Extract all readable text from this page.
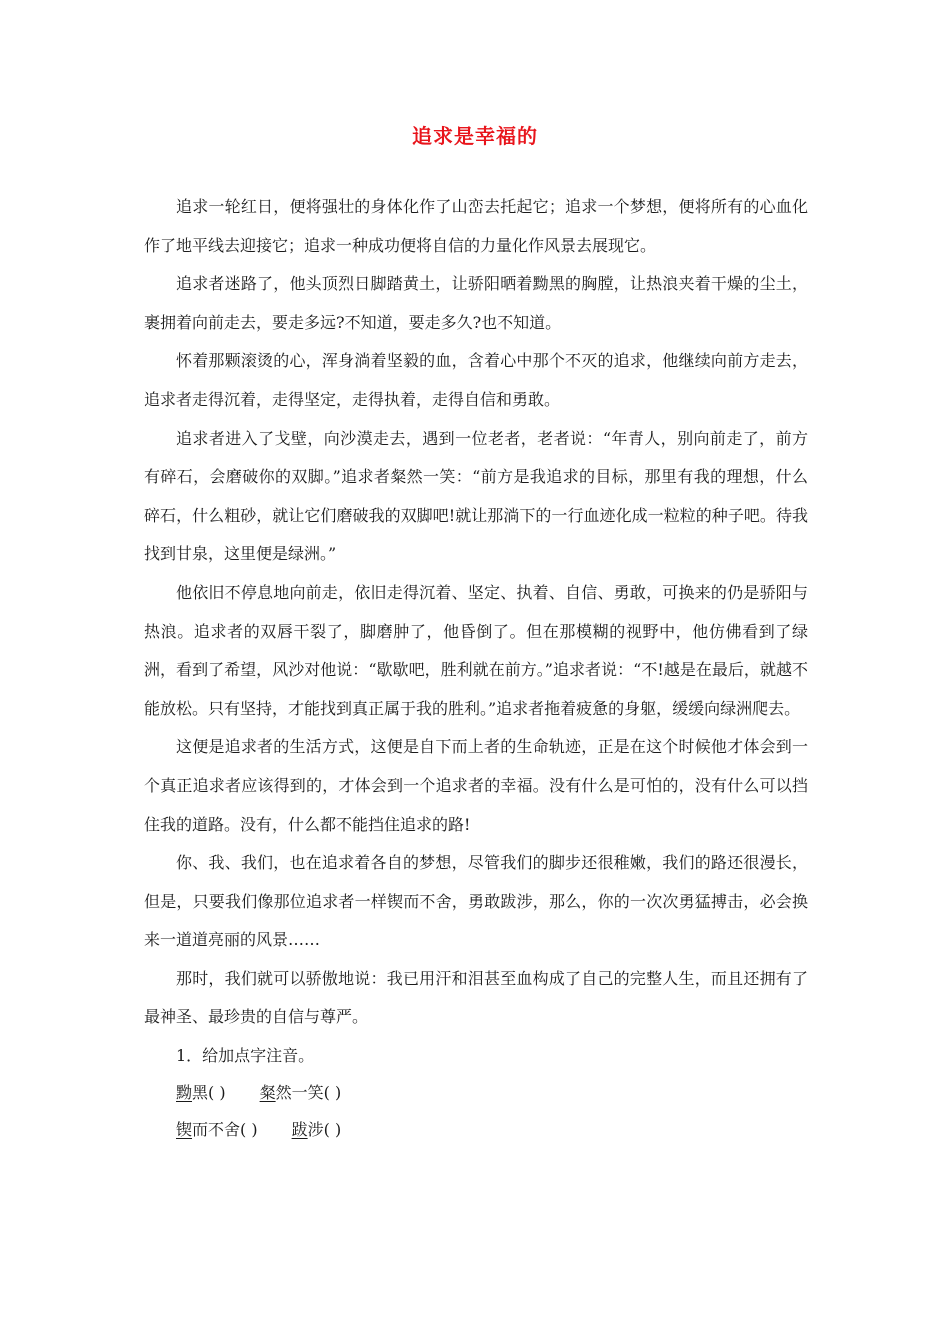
追求是幸福的

追求一轮红日，便将强壮的身体化作了山峦去托起它；追求一个梦想，便将所有的心血化作了地平线去迎接它；追求一种成功便将自信的力量化作风景去展现它。

追求者迷路了，他头顶烈日脚踏黄土，让骄阳晒着黝黑的胸膛，让热浪夹着干燥的尘土，裹拥着向前走去，要走多远?不知道，要走多久?也不知道。

怀着那颗滚烫的心，浑身淌着坚毅的血，含着心中那个不灭的追求，他继续向前方走去，追求者走得沉着，走得坚定，走得执着，走得自信和勇敢。

追求者进入了戈壁，向沙漠走去，遇到一位老者，老者说：“年青人，别向前走了，前方有碎石，会磨破你的双脚。”追求者粲然一笑：“前方是我追求的目标，那里有我的理想，什么碎石，什么粗砂，就让它们磨破我的双脚吧!就让那淌下的一行血迹化成一粒粒的种子吧。待我找到甘泉，这里便是绿洲。”

他依旧不停息地向前走，依旧走得沉着、坚定、执着、自信、勇敢，可换来的仍是骄阳与热浪。追求者的双唇干裂了，脚磨肿了，他昏倒了。但在那模糊的视野中，他仿佛看到了绿洲，看到了希望，风沙对他说：“歇歇吧，胜利就在前方。”追求者说：“不!越是在最后，就越不能放松。只有坚持，才能找到真正属于我的胜利。”追求者拖着疲惫的身躯，缓缓向绿洲爬去。

这便是追求者的生活方式，这便是自下而上者的生命轨迹，正是在这个时候他才体会到一个真正追求者应该得到的，才体会到一个追求者的幸福。没有什么是可怕的，没有什么可以挡住我的道路。没有，什么都不能挡住追求的路!

你、我、我们，也在追求着各自的梦想，尽管我们的脚步还很稚嫩，我们的路还很漫长，但是，只要我们像那位追求者一样锲而不舍，勇敢跋涉，那么，你的一次次勇猛搏击，必会换来一道道亮丽的风景……

那时，我们就可以骄傲地说：我已用汗和泪甚至血构成了自己的完整人生，而且还拥有了最神圣、最珍贵的自信与尊严。

1．给加点字注音。

黝黑( ) 粲然一笑( )

锲而不舍( ) 跋涉( )
